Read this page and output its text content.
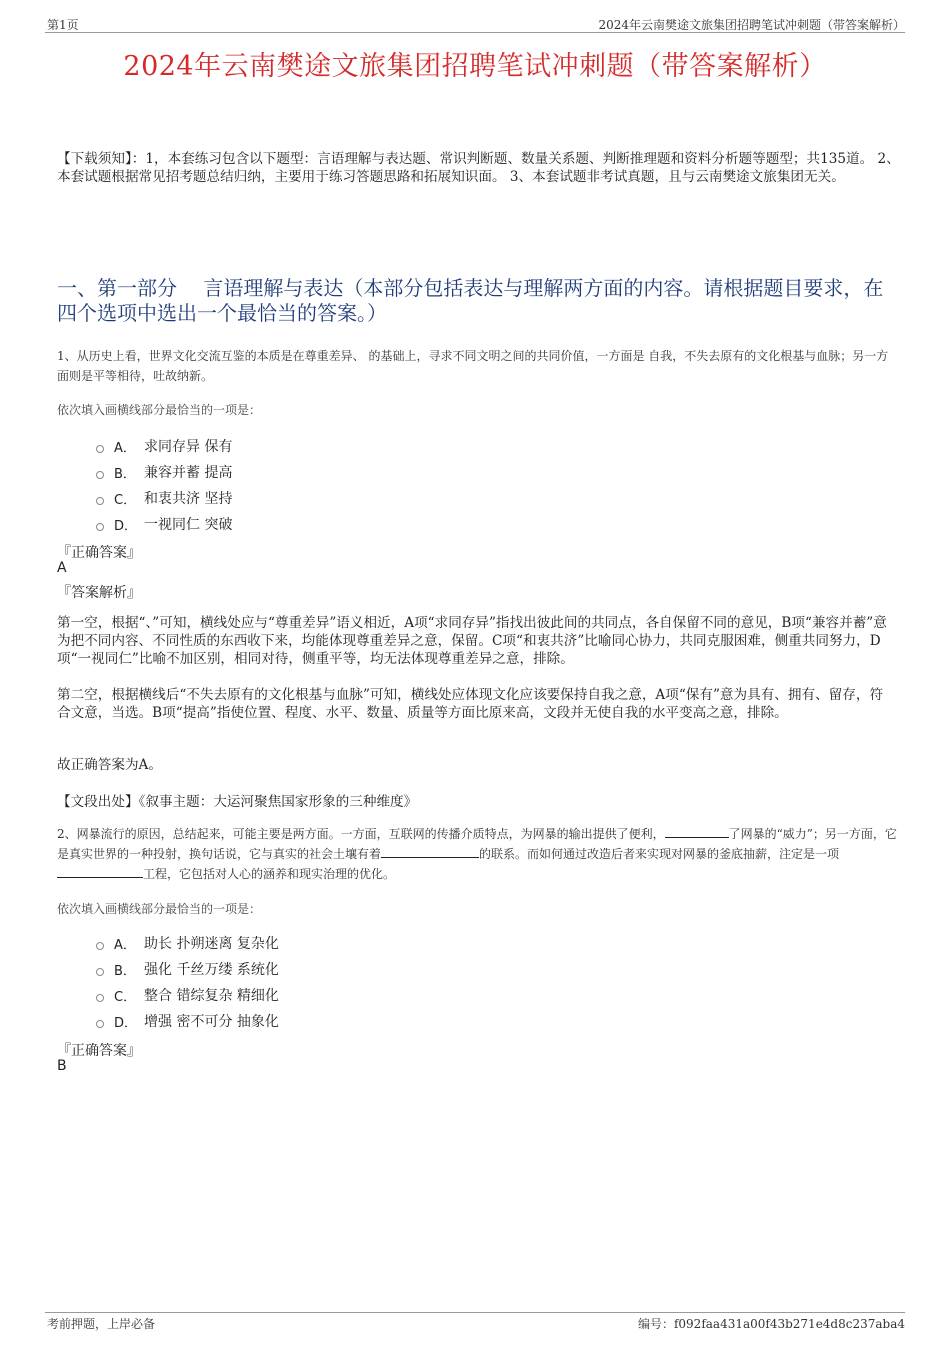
第1页	2024年云南樊途文旅集团招聘笔试冲刺题（带答案解析）
2024年云南樊途文旅集团招聘笔试冲刺题（带答案解析）
【下载须知】：1，本套练习包含以下题型：言语理解与表达题、常识判断题、数量关系题、判断推理题和资料分析题等题型；共135道。 2、本套试题根据常见招考题总结归纳，主要用于练习答题思路和拓展知识面。 3、本套试题非考试真题，且与云南樊途文旅集团无关。
一、第一部分　 言语理解与表达（本部分包括表达与理解两方面的内容。请根据题目要求，在四个选项中选出一个最恰当的答案。）
1、从历史上看，世界文化交流互鉴的本质是在尊重差异、 的基础上，寻求不同文明之间的共同价值，一方面是 自我，不失去原有的文化根基与血脉；另一方面则是平等相待，吐故纳新。
依次填入画横线部分最恰当的一项是：
A． 求同存异 保有
B． 兼容并蓄 提高
C． 和衷共济 坚持
D． 一视同仁 突破
『正确答案』
A
『答案解析』
第一空，根据“、”可知，横线处应与“尊重差异”语义相近，A项“求同存异”指找出彼此间的共同点，各自保留不同的意见，B项“兼容并蓄”意为把不同内容、不同性质的东西收下来，均能体现尊重差异之意，保留。C项“和衷共济”比喻同心协力，共同克服困难，侧重共同努力，D项“一视同仁”比喻不加区别，相同对待，侧重平等，均无法体现尊重差异之意，排除。
第二空，根据横线后“不失去原有的文化根基与血脉”可知，横线处应体现文化应该要保持自我之意，A项“保有”意为具有、拥有、留存，符合文意，当选。B项“提高”指使位置、程度、水平、数量、质量等方面比原来高，文段并无使自我的水平变高之意，排除。
故正确答案为A。
【文段出处】《叙事主题：大运河聚焦国家形象的三种维度》
2、网暴流行的原因，总结起来，可能主要是两方面。一方面，互联网的传播介质特点，为网暴的输出提供了便利，	了网暴的“威力”；另一方面，它是真实世界的一种投射，换句话说，它与真实的社会土壤有着	的联系。而如何通过改造后者来实现对网暴的釜底抽薪，注定是一项工程，它包括对人心的涵养和现实治理的优化。
依次填入画横线部分最恰当的一项是：
A． 助长 扑朔迷离 复杂化
B． 强化 千丝万缕 系统化
C． 整合 错综复杂 精细化
D． 增强 密不可分 抽象化
『正确答案』
B
考前押题，上岸必备	编号：f092faa431a00f43b271e4d8c237aba4
